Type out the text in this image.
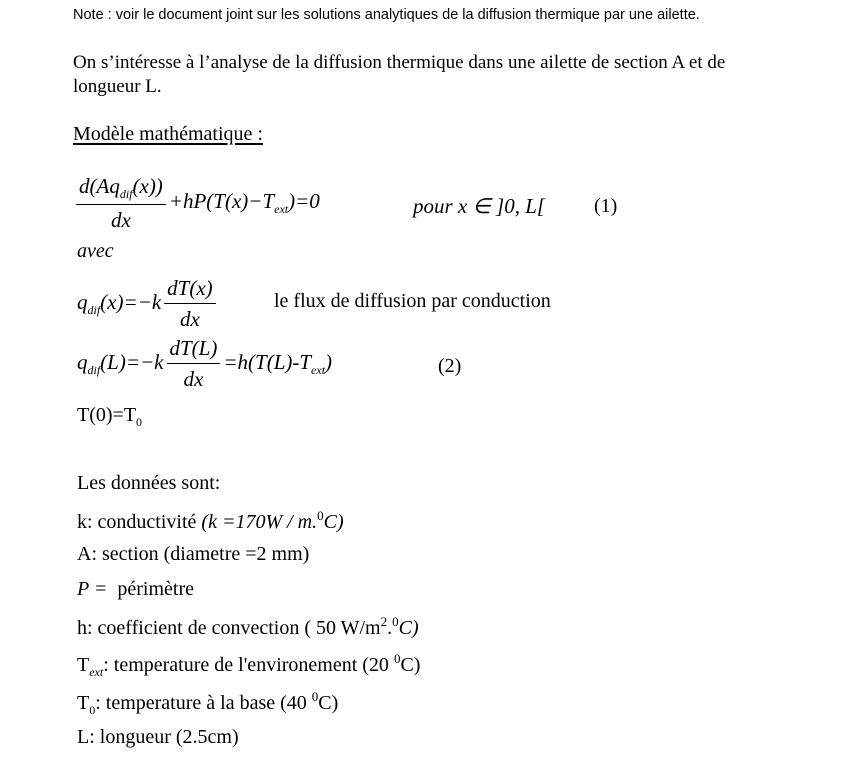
Note : voir le document joint sur les solutions analytiques de la diffusion thermique par une ailette.
On s’intéresse à l’analyse de la diffusion thermique dans une ailette de section A et de
longueur L.
Modèle mathématique :
$\frac{d(Aq_{dif}(x))}{dx} +hP(T(x)-T_{ext})=0$	pour x ∈ ]0, L[ (1)
avec
$q_{dif}(x)=-k \frac{dT(x)}{dx}$	le flux de diffusion par conduction
$q_{dif}(L)=-k \frac{dT(L)}{dx} =h(T(L)-T_{ext})$	(2)
$T(0)=T_0$
Les données sont:
k: conductivité (k =170W / m.$^0$C)
A: section (diametre =2 mm)
P =  périmètre
h: coefficient de convection ( 50 $W/m^2.^0C$)
$T_{ext}$: temperature de l'environement (20 $^0$C)
$T_0$: temperature à la base (40 $^0$C)
L: longueur (2.5cm)
